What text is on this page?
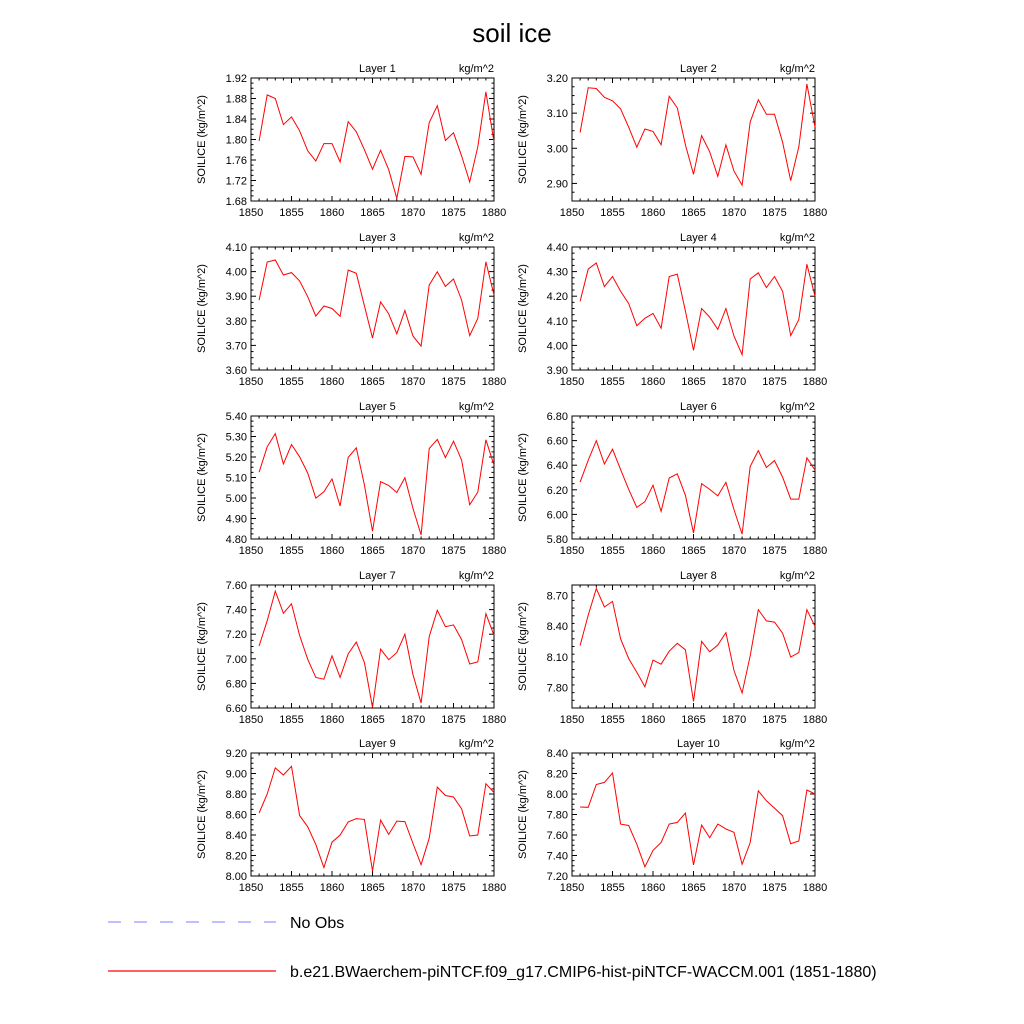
soil ice
Layer 1	kg/m^2
1850 1855 1860 1865 1870 1875 1880
1.68
1.72
1.76
1.80
1.84
1.88
1.92
SOILICE (kg/m^2)
Layer 2	kg/m^2
1850 1855 1860 1865 1870 1875 1880
2.90
3.00
3.10
3.20
SOILICE (kg/m^2)
Layer 3	kg/m^2
1850 1855 1860 1865 1870 1875 1880
3.60
3.70
3.80
3.90
4.00
4.10
SOILICE (kg/m^2)
Layer 4	kg/m^2
1850 1855 1860 1865 1870 1875 1880
3.90
4.00
4.10
4.20
4.30
4.40
SOILICE (kg/m^2)
Layer 5	kg/m^2
1850 1855 1860 1865 1870 1875 1880
4.80
4.90
5.00
5.10
5.20
5.30
5.40
SOILICE (kg/m^2)
Layer 6	kg/m^2
1850 1855 1860 1865 1870 1875 1880
5.80
6.00
6.20
6.40
6.60
6.80
SOILICE (kg/m^2)
Layer 7	kg/m^2
1850 1855 1860 1865 1870 1875 1880
6.60
6.80
7.00
7.20
7.40
7.60
SOILICE (kg/m^2)
Layer 8	kg/m^2
1850 1855 1860 1865 1870 1875 1880
7.80
8.10
8.40
8.70
SOILICE (kg/m^2)
Layer 9	kg/m^2
1850 1855 1860 1865 1870 1875 1880
8.00
8.20
8.40
8.60
8.80
9.00
9.20
SOILICE (kg/m^2)
Layer 10	kg/m^2
1850 1855 1860 1865 1870 1875 1880
7.20
7.40
7.60
7.80
8.00
8.20
8.40
SOILICE (kg/m^2)
No Obs
b.e21.BWaerchem-piNTCF.f09_g17.CMIP6-hist-piNTCF-WACCM.001 (1851-1880)
